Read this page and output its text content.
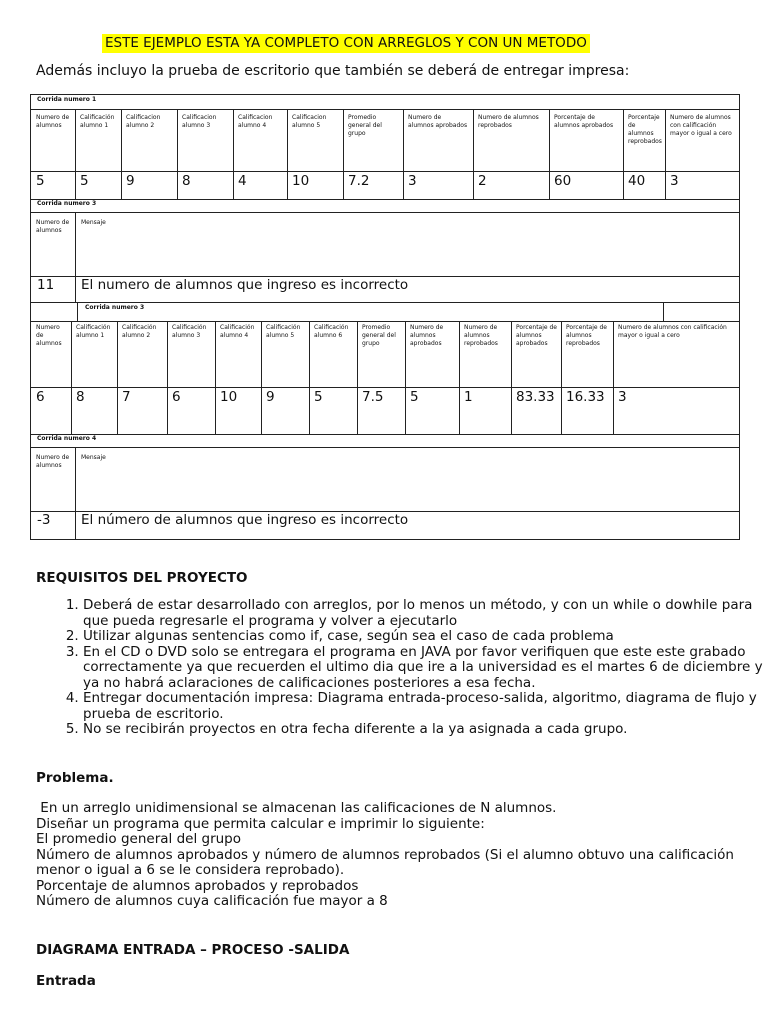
ESTE EJEMPLO ESTA YA COMPLETO CON ARREGLOS Y CON UN METODO
Además incluyo la prueba de escritorio que también se deberá de entregar impresa:
Corrida numero 1
Numero de alumnos
5
Calificación alumno 1
5
Calificacion alumno 2
9
Calificacion alumno 3
8
Calificacion alumno 4
4
Calificacion alumno 5
10
Promedio general del grupo
7.2
Numero de alumnos aprobados
3
Numero de alumnos reprobados
2
Porcentaje de alumnos aprobados
60
Porcentaje de alumnos reprobados
40
Numero de alumnos con calificación mayor o igual a cero
3
Corrida numero 3
Numero de alumnos
Mensaje
11 El numero de alumnos que ingreso es incorrecto
Corrida numero 3
Numero de alumnos
6
Calificación alumno 1
8
Calificación alumno 2
7
Calificación alumno 3
6
Calificación alumno 4
10
Calificación alumno 5
9
Calificación alumno 6
5
Promedio general del grupo
7.5
Numero de alumnos aprobados
5
Numero de alumnos reprobados
1
Porcentaje de alumnos aprobados
83.33
Porcentaje de alumnos reprobados
16.33
Numero de alumnos con calificación mayor o igual a cero
3
Corrida numero 4
Numero de alumnos
Mensaje
-3 El número de alumnos que ingreso es incorrecto
REQUISITOS DEL PROYECTO
1. Deberá de estar desarrollado con arreglos, por lo menos un método, y con un while o dowhile para que pueda regresarle el programa y volver a ejecutarlo
2. Utilizar algunas sentencias como if, case, según sea el caso de cada problema
3. En el CD o DVD solo se entregara el programa en JAVA por favor verifiquen que este este grabado correctamente ya que recuerden el ultimo dia que ire a la universidad es el martes 6 de diciembre y ya no habrá aclaraciones de calificaciones posteriores a esa fecha.
4. Entregar documentación impresa: Diagrama entrada-proceso-salida, algoritmo, diagrama de flujo y prueba de escritorio.
5. No se recibirán proyectos en otra fecha diferente a la ya asignada a cada grupo.
Problema.
En un arreglo unidimensional se almacenan las calificaciones de N alumnos.
Diseñar un programa que permita calcular e imprimir lo siguiente:
El promedio general del grupo
Número de alumnos aprobados y número de alumnos reprobados (Si el alumno obtuvo una calificación menor o igual a 6 se le considera reprobado).
Porcentaje de alumnos aprobados y reprobados
Número de alumnos cuya calificación fue mayor a 8
DIAGRAMA ENTRADA – PROCESO -SALIDA
Entrada
